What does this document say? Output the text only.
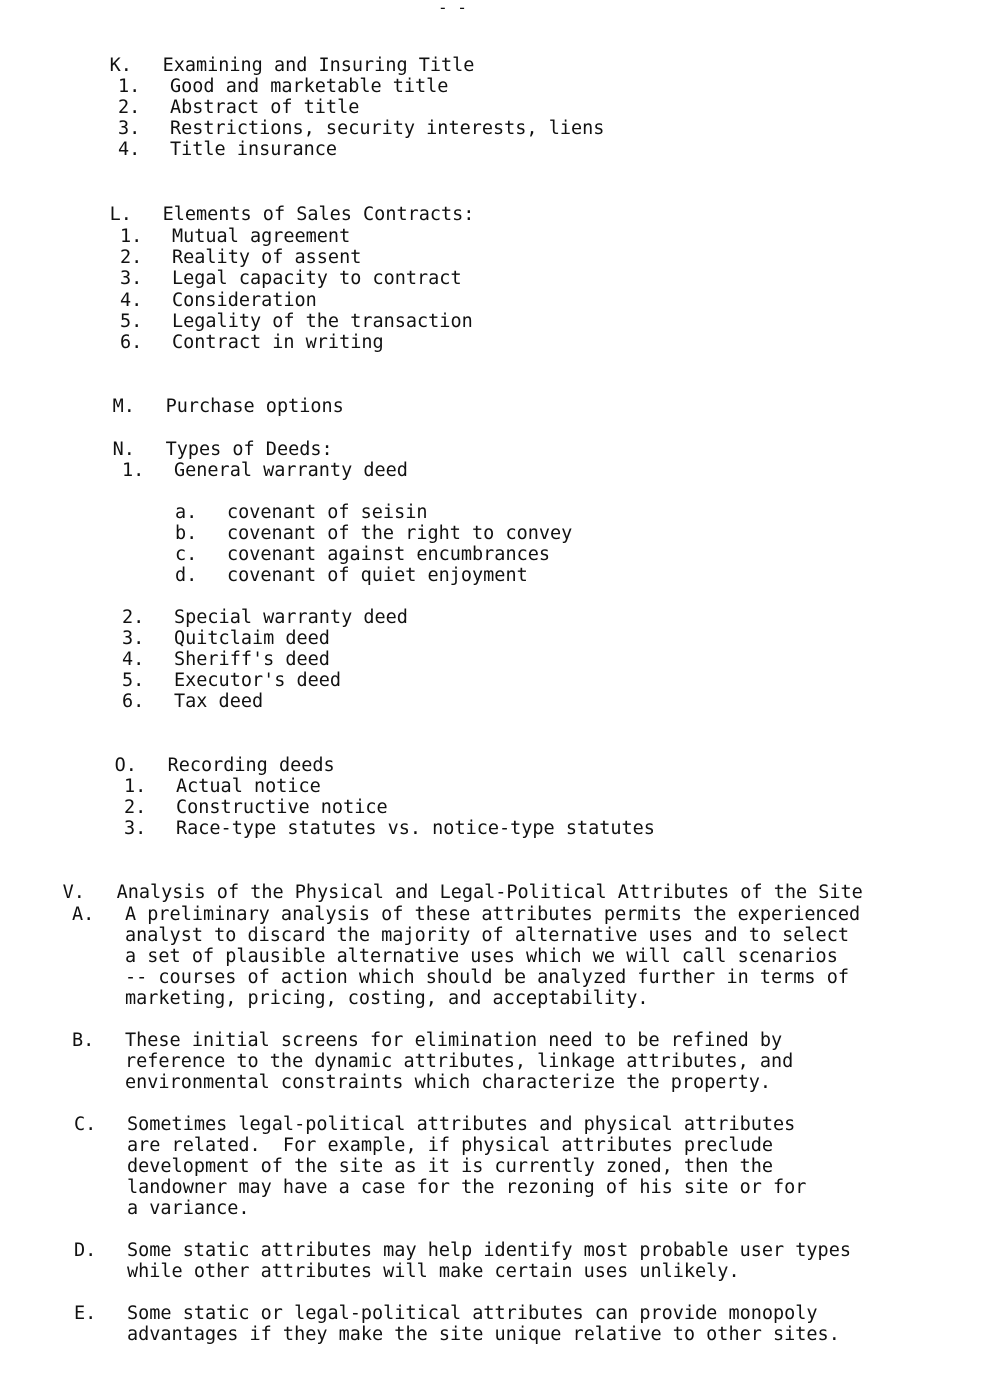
- -

K. Examining and Insuring Title

1. Good and marketable title
2. Abstract of title
3. Restrictions, security interests, liens
4. Title insurance

L. Elements of Sales Contracts:

1. Mutual agreement
2. Reality of assent
3. Legal capacity to contract
4. Consideration
5. Legality of the transaction
6. Contract in writing

M. Purchase options

N. Types of Deeds:

1. General warranty deed
a. covenant of seisin
b. covenant of the right to convey
c. covenant against encumbrances
d. covenant of quiet enjoyment
2. Special warranty deed
3. Quitclaim deed
4. Sheriff's deed
5. Executor's deed
6. Tax deed

O. Recording deeds

1. Actual notice
2. Constructive notice
3. Race-type statutes vs. notice-type statutes

V. Analysis of the Physical and Legal-Political Attributes of the Site

A. A preliminary analysis of these attributes permits the experienced
analyst to discard the majority of alternative uses and to select
a set of plausible alternative uses which we will call scenarios
-- courses of action which should be analyzed further in terms of
marketing, pricing, costing, and acceptability.
B. These initial screens for elimination need to be refined by
reference to the dynamic attributes, linkage attributes, and
environmental constraints which characterize the property.
C. Sometimes legal-political attributes and physical attributes
are related.  For example, if physical attributes preclude
development of the site as it is currently zoned, then the
landowner may have a case for the rezoning of his site or for
a variance.
D. Some static attributes may help identify most probable user types
while other attributes will make certain uses unlikely.
E. Some static or legal-political attributes can provide monopoly
advantages if they make the site unique relative to other sites.
